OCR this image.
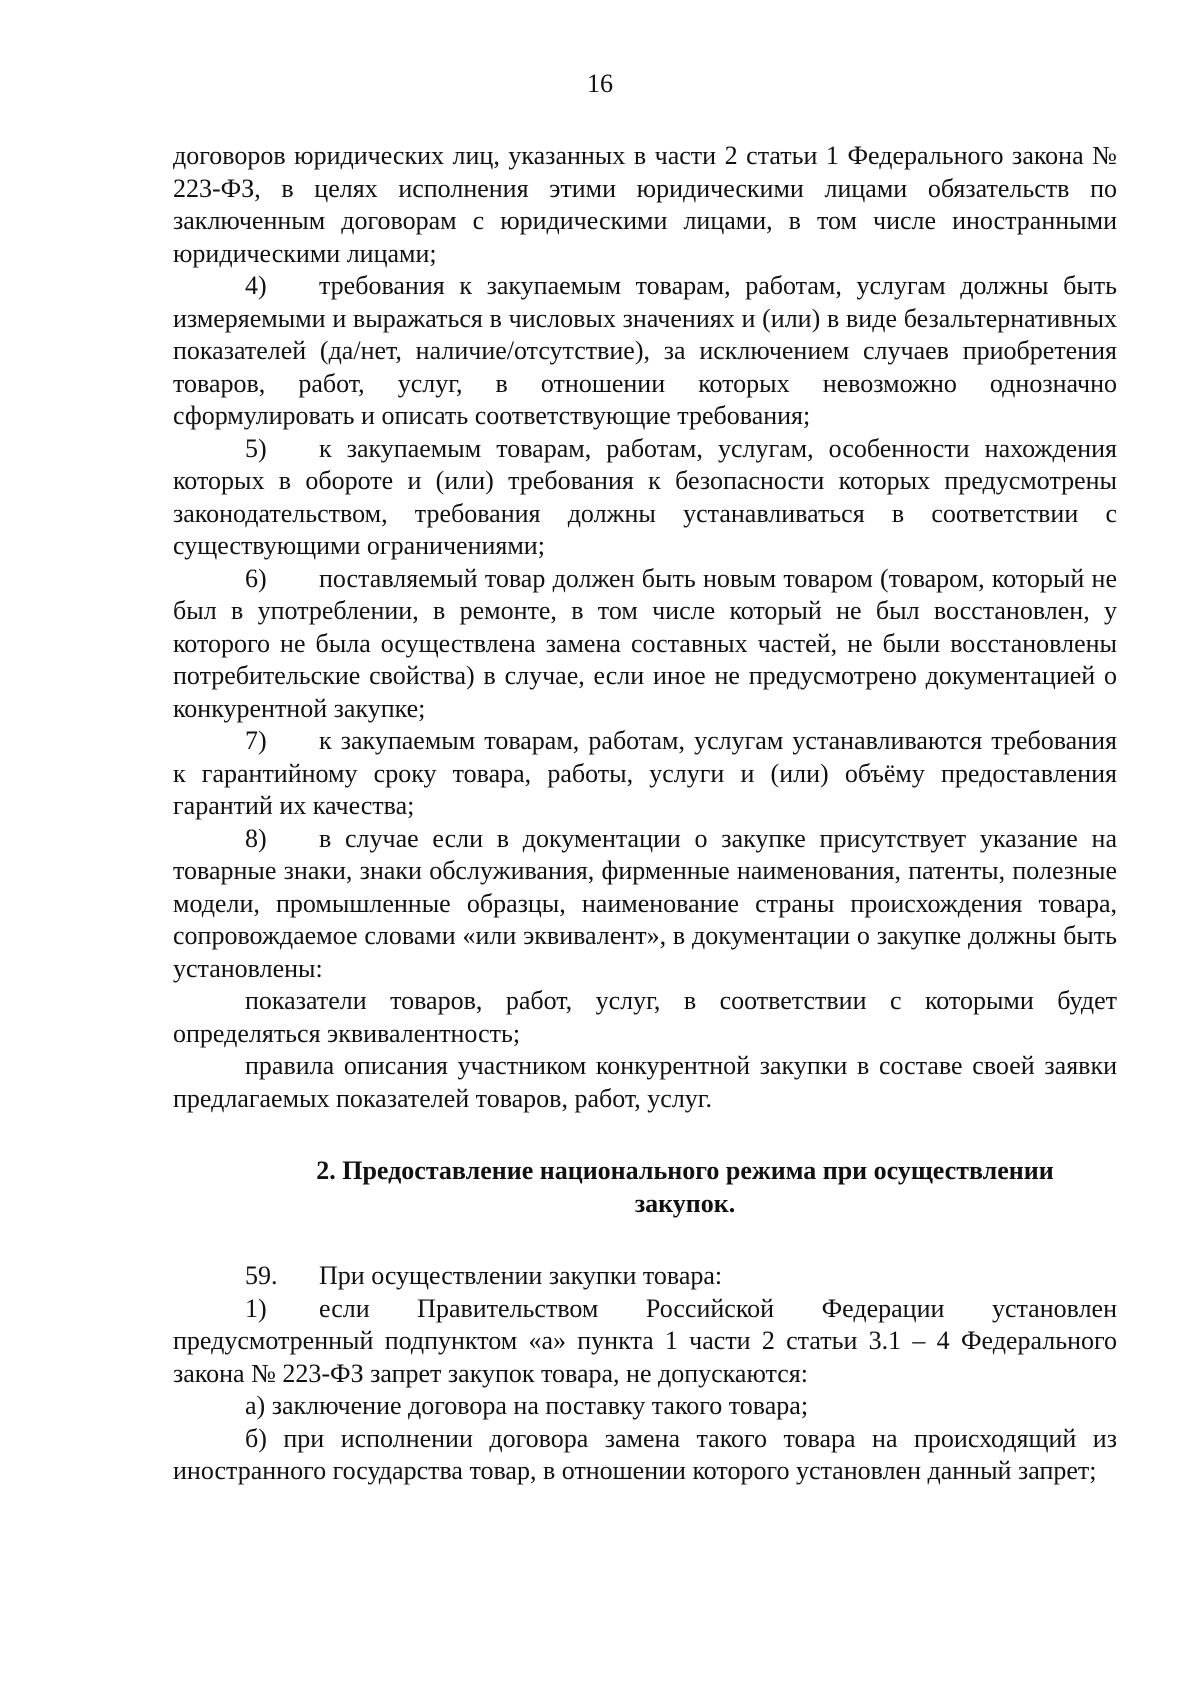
16

договоров юридических лиц, указанных в части 2 статьи 1 Федерального закона № 223-ФЗ, в целях исполнения этими юридическими лицами обязательств по заключенным договорам с юридическими лицами, в том числе иностранными юридическими лицами;

4) требования к закупаемым товарам, работам, услугам должны быть измеряемыми и выражаться в числовых значениях и (или) в виде безальтернативных показателей (да/нет, наличие/отсутствие), за исключением случаев приобретения товаров, работ, услуг, в отношении которых невозможно однозначно сформулировать и описать соответствующие требования;

5) к закупаемым товарам, работам, услугам, особенности нахождения которых в обороте и (или) требования к безопасности которых предусмотрены законодательством, требования должны устанавливаться в соответствии с существующими ограничениями;

6) поставляемый товар должен быть новым товаром (товаром, который не был в употреблении, в ремонте, в том числе который не был восстановлен, у которого не была осуществлена замена составных частей, не были восстановлены потребительские свойства) в случае, если иное не предусмотрено документацией о конкурентной закупке;

7) к закупаемым товарам, работам, услугам устанавливаются требования к гарантийному сроку товара, работы, услуги и (или) объёму предоставления гарантий их качества;

8) в случае если в документации о закупке присутствует указание на товарные знаки, знаки обслуживания, фирменные наименования, патенты, полезные модели, промышленные образцы, наименование страны происхождения товара, сопровождаемое словами «или эквивалент», в документации о закупке должны быть установлены:

показатели товаров, работ, услуг, в соответствии с которыми будет определяться эквивалентность;

правила описания участником конкурентной закупки в составе своей заявки предлагаемых показателей товаров, работ, услуг.

2. Предоставление национального режима при осуществлении
закупок.

59. При осуществлении закупки товара:

1) если Правительством Российской Федерации установлен предусмотренный подпунктом «а» пункта 1 части 2 статьи 3.1 – 4 Федерального закона № 223-ФЗ запрет закупок товара, не допускаются:

а) заключение договора на поставку такого товара;

б) при исполнении договора замена такого товара на происходящий из иностранного государства товар, в отношении которого установлен данный запрет;
